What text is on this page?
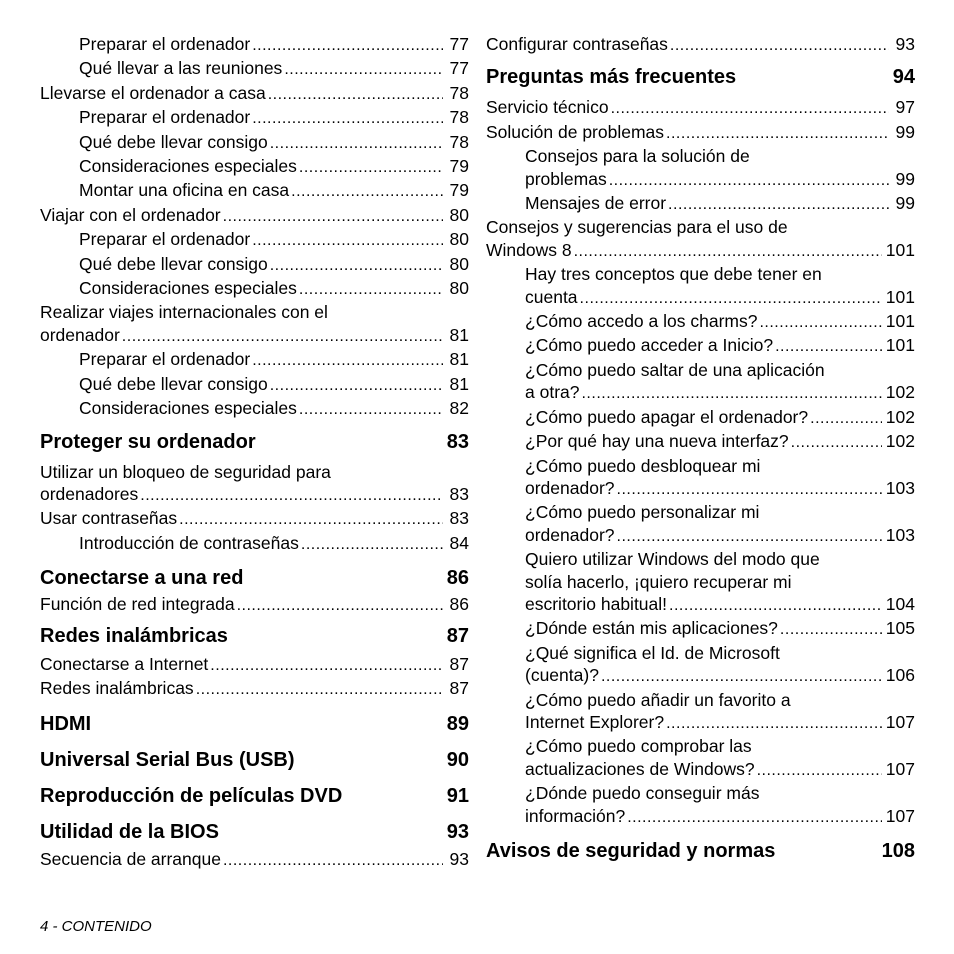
Preparar el ordenador .....	77
Qué llevar a las reuniones .....	77
Llevarse el ordenador a casa .....	78
Preparar el ordenador .....	78
Qué debe llevar consigo .....	78
Consideraciones especiales .....	79
Montar una oficina en casa .....	79
Viajar con el ordenador .....	80
Preparar el ordenador .....	80
Qué debe llevar consigo .....	80
Consideraciones especiales .....	80
Realizar viajes internacionales con el
ordenador .....	81
Preparar el ordenador .....	81
Qué debe llevar consigo .....	81
Consideraciones especiales .....	82
Proteger su ordenador	83
Utilizar un bloqueo de seguridad para
ordenadores .....	83
Usar contraseñas .....	83
Introducción de contraseñas .....	84
Conectarse a una red	86
Función de red integrada .....	86
Redes inalámbricas	87
Conectarse a Internet .....	87
Redes inalámbricas .....	87
HDMI	89
Universal Serial Bus (USB)	90
Reproducción de películas DVD	91
Utilidad de la BIOS	93
Secuencia de arranque .....	93
Configurar contraseñas .....	93
Preguntas más frecuentes	94
Servicio técnico .....	97
Solución de problemas .....	99
Consejos para la solución de
problemas .....	99
Mensajes de error .....	99
Consejos y sugerencias para el uso de
Windows 8 .....	101
Hay tres conceptos que debe tener en
cuenta .....	101
¿Cómo accedo a los charms? .....	101
¿Cómo puedo acceder a Inicio? .....	101
¿Cómo puedo saltar de una aplicación
a otra? .....	102
¿Cómo puedo apagar el ordenador? .....	102
¿Por qué hay una nueva interfaz? .....	102
¿Cómo puedo desbloquear mi
ordenador? .....	103
¿Cómo puedo personalizar mi
ordenador? .....	103
Quiero utilizar Windows del modo que
solía hacerlo, ¡quiero recuperar mi
escritorio habitual! .....	104
¿Dónde están mis aplicaciones? .....	105
¿Qué significa el Id. de Microsoft
(cuenta)? .....	106
¿Cómo puedo añadir un favorito a
Internet Explorer? .....	107
¿Cómo puedo comprobar las
actualizaciones de Windows? .....	107
¿Dónde puedo conseguir más
información? .....	107
Avisos de seguridad y normas	108
4 - CONTENIDO
